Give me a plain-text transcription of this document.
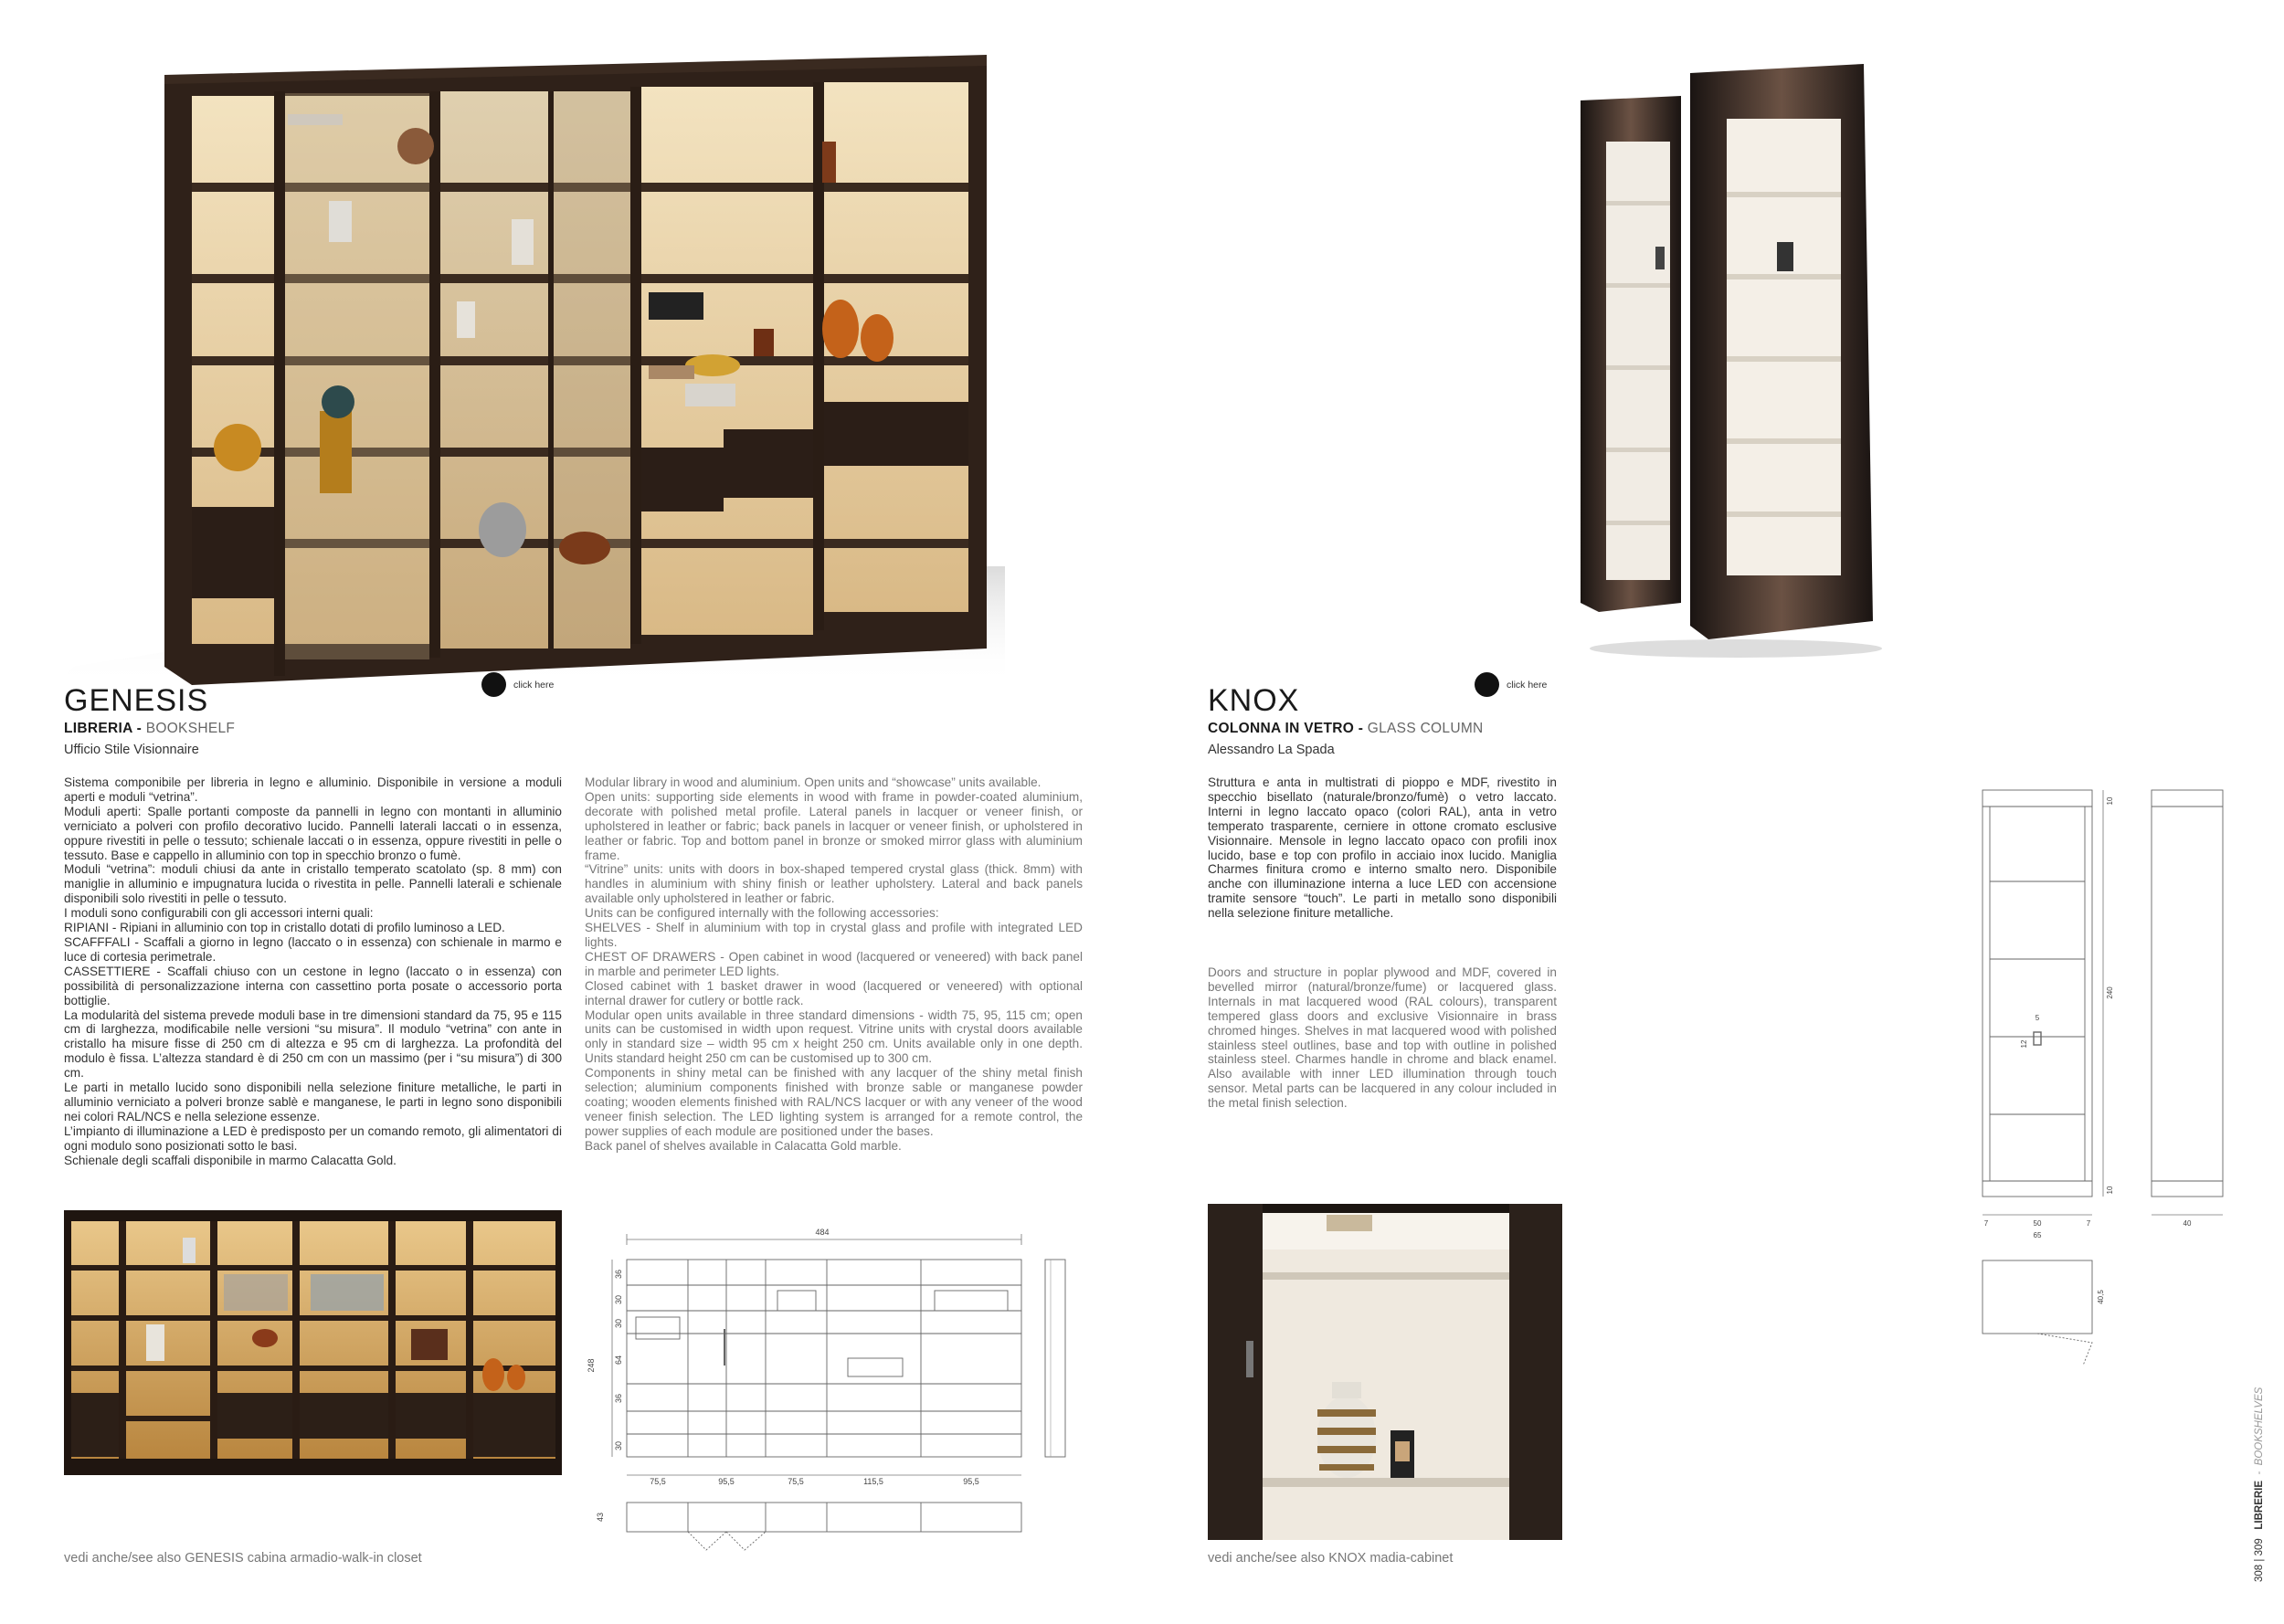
GENESIS	click here
LIBRERIA - BOOKSHELF
Ufficio Stile Visionnaire

Sistema componibile per libreria in legno e alluminio. Disponibile in versione a moduli aperti e moduli “vetrina”.

Moduli aperti: Spalle portanti composte da pannelli in legno con montanti in alluminio verniciato a polveri con profilo decorativo lucido. Pannelli laterali laccati o in essenza, oppure rivestiti in pelle o tessuto; schienale laccati o in essenza, oppure rivestiti in pelle o tessuto. Base e cappello in alluminio con top in specchio bronzo o fumè.

Moduli “vetrina”: moduli chiusi da ante in cristallo temperato scatolato (sp. 8 mm) con maniglie in alluminio e impugnatura lucida o rivestita in pelle. Pannelli laterali e schienale disponibili solo rivestiti in pelle o tessuto.

I moduli sono configurabili con gli accessori interni quali:

RIPIANI - Ripiani in alluminio con top in cristallo dotati di profilo luminoso a LED.

SCAFFFALI - Scaffali a giorno in legno (laccato o in essenza) con schienale in marmo e luce di cortesia perimetrale.

CASSETTIERE - Scaffali chiuso con un cestone in legno (laccato o in essenza) con possibilità di personalizzazione interna con cassettino porta posate o accessorio porta bottiglie.

La modularità del sistema prevede moduli base in tre dimensioni standard da 75, 95 e 115 cm di larghezza, modificabile nelle versioni “su misura”. Il modulo “vetrina” con ante in cristallo ha misure fisse di 250 cm di altezza e 95 cm di larghezza. La profondità del modulo è fissa. L’altezza standard è di 250 cm con un massimo (per i “su misura”) di 300 cm.

Le parti in metallo lucido sono disponibili nella selezione finiture metalliche, le parti in alluminio verniciato a polveri bronze sablè e manganese, le parti in legno sono disponibili nei colori RAL/NCS e nella selezione essenze.

L’impianto di illuminazione a LED è predisposto per un comando remoto, gli alimentatori di ogni modulo sono posizionati sotto le basi.

Schienale degli scaffali disponibile in marmo Calacatta Gold.

Modular library in wood and aluminium. Open units and “showcase” units available.

Open units: supporting side elements in wood with frame in powder-coated aluminium, decorate with polished metal profile. Lateral panels in lacquer or veneer finish, or upholstered in leather or fabric; back panels in lacquer or veneer finish, or upholstered in leather or fabric. Top and bottom panel in bronze or smoked mirror glass with aluminium frame.

“Vitrine” units: units with doors in box-shaped tempered crystal glass (thick. 8mm) with handles in aluminium with shiny finish or leather upholstery. Lateral and back panels available only upholstered in leather or fabric.

Units can be configured internally with the following accessories:

SHELVES - Shelf in aluminium with top in crystal glass and profile with integrated LED lights.

CHEST OF DRAWERS - Open cabinet in wood (lacquered or veneered) with back panel in marble and perimeter LED lights.

Closed cabinet with 1 basket drawer in wood (lacquered or veneered) with optional internal drawer for cutlery or bottle rack.

Modular open units available in three standard dimensions - width 75, 95, 115 cm; open units can be customised in width upon request. Vitrine units with crystal doors available only in standard size – width 95 cm x height 250 cm. Units available only in one depth. Units standard height 250 cm can be customised up to 300 cm.

Components in shiny metal can be finished with any lacquer of the shiny metal finish selection; aluminium components finished with bronze sable or manganese powder coating; wooden elements finished with RAL/NCS lacquer or with any veneer of the wood veneer finish selection. The LED lighting system is arranged for a remote control, the power supplies of each module are positioned under the bases.

Back panel of shelves available in Calacatta Gold marble.

484
248
36
30
30
64
36
30
75,5	95,5	75,5	115,5	95,5
43
vedi anche/see also GENESIS cabina armadio-walk-in closet
KNOX	click here
COLONNA IN VETRO - GLASS COLUMN
Alessandro La Spada
Struttura e anta in multistrati di pioppo e MDF, rivestito in specchio bisellato (naturale/bronzo/fumè) o vetro laccato. Interni in legno laccato opaco (colori RAL), anta in vetro temperato trasparente, cerniere in ottone cromato esclusive Visionnaire. Mensole in legno laccato opaco con profili inox lucido, base e top con profilo in acciaio inox lucido. Maniglia Charmes finitura cromo e interno smalto nero. Disponibile anche con illuminazione interna a luce LED con accensione tramite sensore “touch”. Le parti in metallo sono disponibili nella selezione finiture metalliche.
Doors and structure in poplar plywood and MDF, covered in bevelled mirror (natural/bronze/fume) or lacquered glass. Internals in mat lacquered wood (RAL colours), transparent tempered glass doors and exclusive Visionnaire in brass chromed hinges. Shelves in mat lacquered wood with polished stainless steel outlines, base and top with outline in polished stainless steel. Charmes handle in chrome and black enamel. Also available with inner LED illumination through touch sensor. Metal parts can be lacquered in any colour included in the metal finish selection.
vedi anche/see also KNOX madia-cabinet
5
12
10
240
10
7	50	7
65
40
40,5
308 | 309   LIBRERIE  -  BOOKSHELVES
